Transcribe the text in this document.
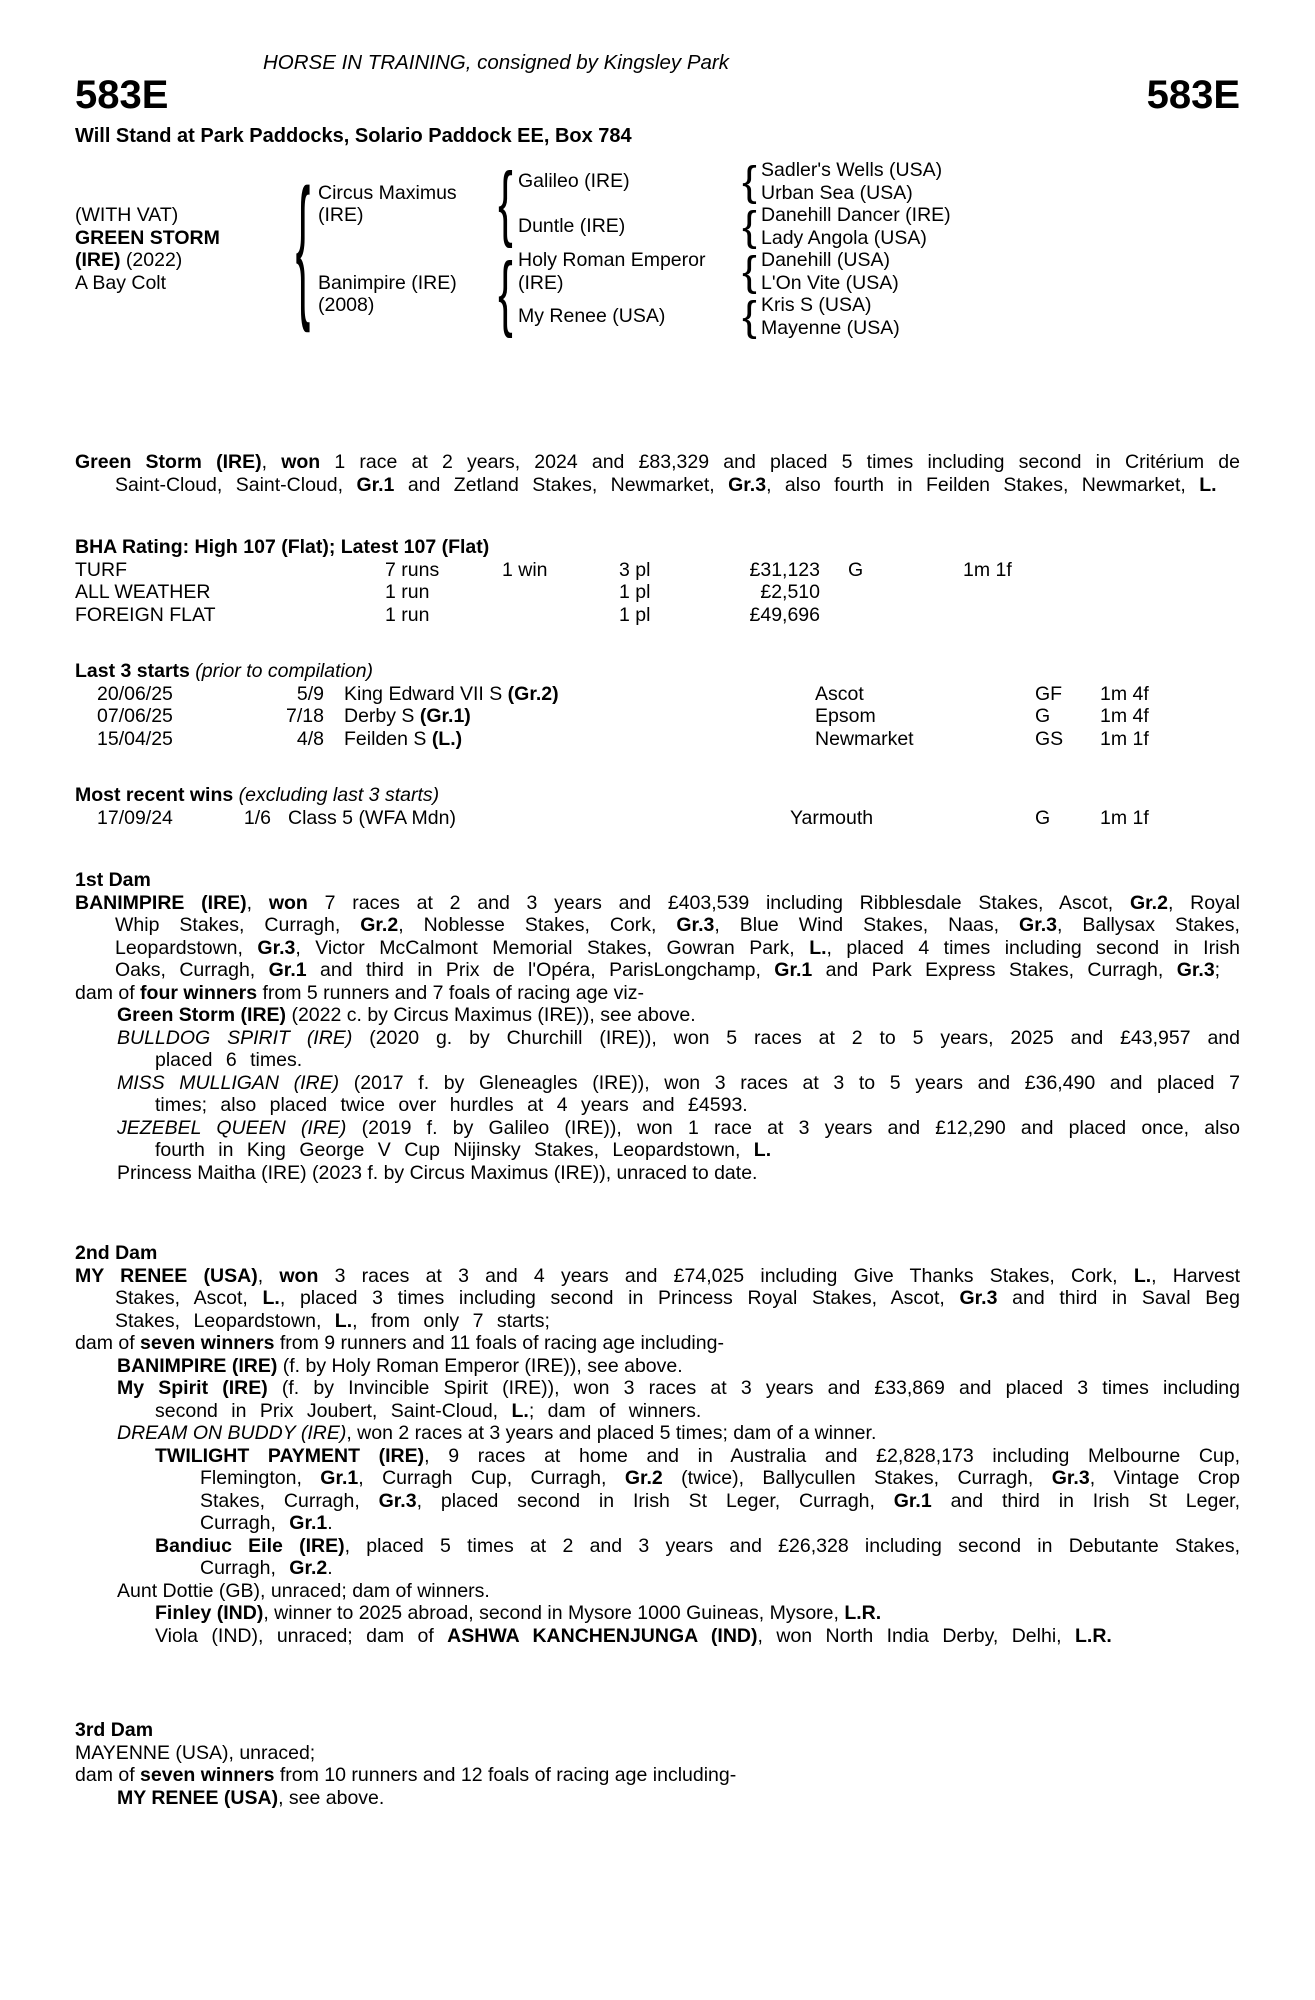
HORSE IN TRAINING, consigned by Kingsley Park
583E	583E
Will Stand at Park Paddocks, Solario Paddock EE, Box 784
(WITH VAT)
GREEN STORM
(IRE) (2022)
A Bay Colt	{ Circus Maximus (IRE)
Banimpire (IRE) (2008)
{
{
Galileo (IRE)
Duntle (IRE)
Holy Roman Emperor (IRE)
My Renee (USA)
{
{
{
{
Sadler's Wells (USA)
Urban Sea (USA)
Danehill Dancer (IRE)
Lady Angola (USA)
Danehill (USA)
L'On Vite (USA)
Kris S (USA)
Mayenne (USA)
Green Storm (IRE), won 1 race at 2 years, 2024 and £83,329 and placed 5 times including second in Critérium de Saint-Cloud, Saint-Cloud, Gr.1 and Zetland Stakes, Newmarket, Gr.3, also fourth in Feilden Stakes, Newmarket, L.
BHA Rating: High 107 (Flat); Latest 107 (Flat)
TURF	7 runs	1 win	3 pl	£31,123	G	1m 1f
ALL WEATHER	1 run	1 pl	£2,510
FOREIGN FLAT	1 run	1 pl	£49,696
Last 3 starts (prior to compilation)
20/06/25	5/9	King Edward VII S (Gr.2)	Ascot	GF	1m 4f
07/06/25	7/18	Derby S (Gr.1)	Epsom	G	1m 4f
15/04/25	4/8	Feilden S (L.)	Newmarket	GS	1m 1f
Most recent wins (excluding last 3 starts)
17/09/24	1/6 Class 5 (WFA Mdn)	Yarmouth	G	1m 1f
1st Dam
BANIMPIRE (IRE), won 7 races at 2 and 3 years and £403,539 including Ribblesdale Stakes, Ascot, Gr.2, Royal Whip Stakes, Curragh, Gr.2, Noblesse Stakes, Cork, Gr.3, Blue Wind Stakes, Naas, Gr.3, Ballysax Stakes, Leopardstown, Gr.3, Victor McCalmont Memorial Stakes, Gowran Park, L., placed 4 times including second in Irish Oaks, Curragh, Gr.1 and third in Prix de l'Opéra, ParisLongchamp, Gr.1 and Park Express Stakes, Curragh, Gr.3;
dam of four winners from 5 runners and 7 foals of racing age viz-
Green Storm (IRE) (2022 c. by Circus Maximus (IRE)), see above.
BULLDOG SPIRIT (IRE) (2020 g. by Churchill (IRE)), won 5 races at 2 to 5 years, 2025 and £43,957 and placed 6 times.
MISS MULLIGAN (IRE) (2017 f. by Gleneagles (IRE)), won 3 races at 3 to 5 years and £36,490 and placed 7 times; also placed twice over hurdles at 4 years and £4593.
JEZEBEL QUEEN (IRE) (2019 f. by Galileo (IRE)), won 1 race at 3 years and £12,290 and placed once, also fourth in King George V Cup Nijinsky Stakes, Leopardstown, L.
Princess Maitha (IRE) (2023 f. by Circus Maximus (IRE)), unraced to date.
2nd Dam
MY RENEE (USA), won 3 races at 3 and 4 years and £74,025 including Give Thanks Stakes, Cork, L., Harvest Stakes, Ascot, L., placed 3 times including second in Princess Royal Stakes, Ascot, Gr.3 and third in Saval Beg Stakes, Leopardstown, L., from only 7 starts;
dam of seven winners from 9 runners and 11 foals of racing age including-
BANIMPIRE (IRE) (f. by Holy Roman Emperor (IRE)), see above.
My Spirit (IRE) (f. by Invincible Spirit (IRE)), won 3 races at 3 years and £33,869 and placed 3 times including second in Prix Joubert, Saint-Cloud, L.; dam of winners.
DREAM ON BUDDY (IRE), won 2 races at 3 years and placed 5 times; dam of a winner.
TWILIGHT PAYMENT (IRE), 9 races at home and in Australia and £2,828,173 including Melbourne Cup, Flemington, Gr.1, Curragh Cup, Curragh, Gr.2 (twice), Ballycullen Stakes, Curragh, Gr.3, Vintage Crop Stakes, Curragh, Gr.3, placed second in Irish St Leger, Curragh, Gr.1 and third in Irish St Leger, Curragh, Gr.1.
Bandiuc Eile (IRE), placed 5 times at 2 and 3 years and £26,328 including second in Debutante Stakes, Curragh, Gr.2.
Aunt Dottie (GB), unraced; dam of winners.
Finley (IND), winner to 2025 abroad, second in Mysore 1000 Guineas, Mysore, L.R.
Viola (IND), unraced; dam of ASHWA KANCHENJUNGA (IND), won North India Derby, Delhi, L.R.
3rd Dam
MAYENNE (USA), unraced;
dam of seven winners from 10 runners and 12 foals of racing age including-
MY RENEE (USA), see above.
